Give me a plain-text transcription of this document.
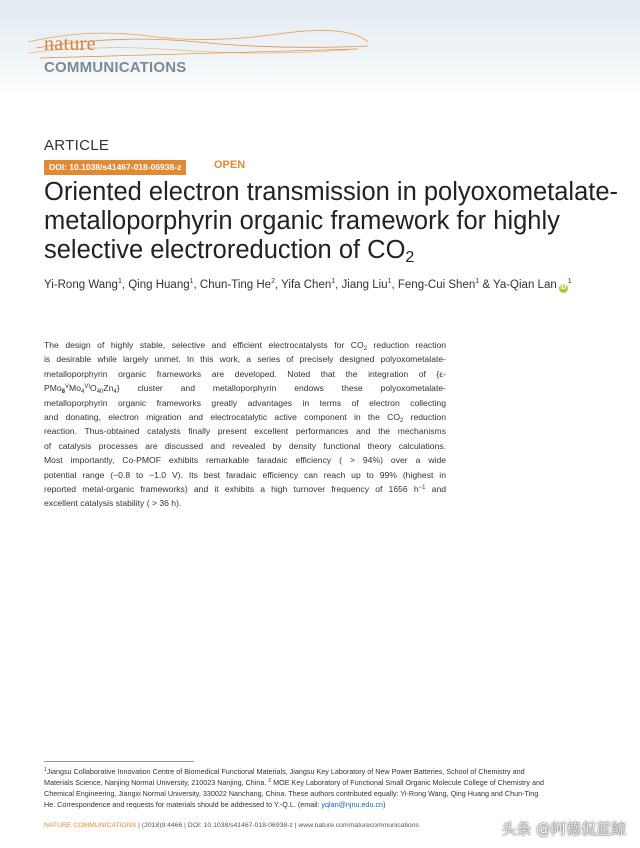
nature
COMMUNICATIONS
ARTICLE
DOI: 10.1038/s41467-018-06938-z	OPEN
Oriented electron transmission in polyoxometalate-
metalloporphyrin organic framework for highly
selective electroreduction of $CO_2$
Yi-Rong Wang$^1$, Qing Huang$^1$, Chun-Ting He$^2$, Yifa Chen$^1$, Jiang Liu$^1$, Feng-Cui Shen$^1$ & Ya-Qian Lan $iD^1$
The design of highly stable, selective and efficient electrocatalysts for $CO_2$ reduction reaction
is desirable while largely unmet. In this work, a series of precisely designed polyoxometalate-
metalloporphyrin organic frameworks are developed. Noted that the integration of {ε-
$PMo_8^VMo_4^{VI}O_{40}Zn_4$} cluster and metalloporphyrin endows these polyoxometalate-
metalloporphyrin organic frameworks greatly advantages in terms of electron collecting
and donating, electron migration and electrocatalytic active component in the $CO_2$ reduction
reaction. Thus-obtained catalysts finally present excellent performances and the mechanisms
of catalysis processes are discussed and revealed by density functional theory calculations.
Most importantly, Co-PMOF exhibits remarkable faradaic efficiency ( > 94%) over a wide
potential range (−0.8 to −1.0 V). Its best faradaic efficiency can reach up to 99% (highest in
reported metal-organic frameworks) and it exhibits a high turnover frequency of 1656 $h^{-1}$ and
excellent catalysis stability ( > 36 h).
$^1$Jiangsu Collaborative Innovation Centre of Biomedical Functional Materials, Jiangsu Key Laboratory of New Power Batteries, School of Chemistry and
Materials Science, Nanjing Normal University, 210023 Nanjing, China. $^2$ MOE Key Laboratory of Functional Small Organic Molecule College of Chemistry and
Chemical Engineering, Jiangxi Normal University, 330022 Nanchang, China. These authors contributed equally: Yi-Rong Wang, Qing Huang and Chun-Ting
He. Correspondence and requests for materials should be addressed to Y.-Q.L. (email: yqlan@njnu.edu.cn)
NATURE COMMUNICATIONS | (2018)9:4466 | DOI: 10.1038/s41467-018-06938-z | www.nature.com/naturecommunications	头条 @阿德侃蓝鲸
